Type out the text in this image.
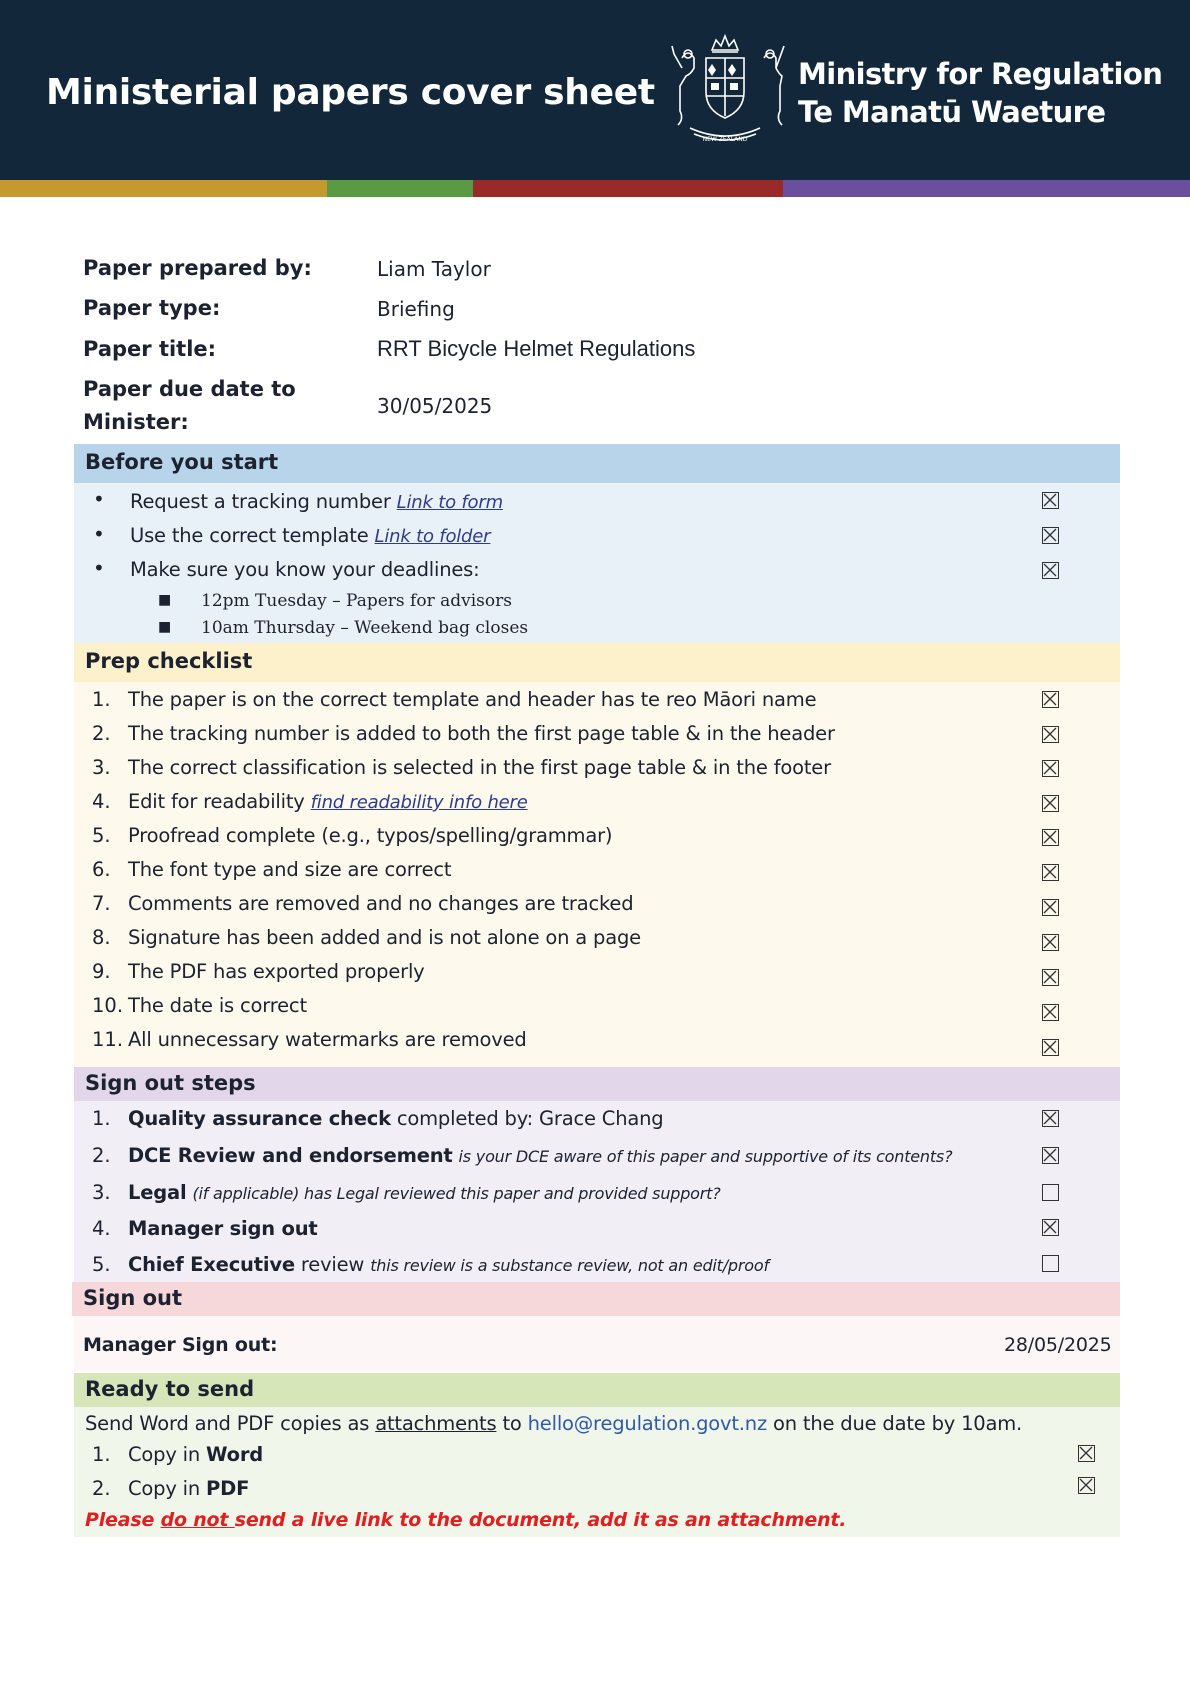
Ministerial papers cover sheet
NEW ZEALAND
Ministry for Regulation
Te Manatū Waeture
Paper prepared by:	Liam Taylor
Paper type:	Briefing
Paper title:	RRT Bicycle Helmet Regulations
Paper due date to
Minister:
30/05/2025
Before you start
• Request a tracking number Link to form
• Use the correct template Link to folder
• Make sure you know your deadlines:
■ 12pm Tuesday – Papers for advisors
■ 10am Thursday – Weekend bag closes
Prep checklist
1. The paper is on the correct template and header has te reo Māori name
2. The tracking number is added to both the first page table & in the header
3. The correct classification is selected in the first page table & in the footer
4. Edit for readability find readability info here
5. Proofread complete (e.g., typos/spelling/grammar)
6. The font type and size are correct
7. Comments are removed and no changes are tracked
8. Signature has been added and is not alone on a page
9. The PDF has exported properly
10. The date is correct
11. All unnecessary watermarks are removed
Sign out steps
1. Quality assurance check completed by: Grace Chang
2. DCE Review and endorsement is your DCE aware of this paper and supportive of its contents?
3. Legal (if applicable) has Legal reviewed this paper and provided support?
4. Manager sign out
5. Chief Executive review this review is a substance review, not an edit/proof
Sign out
Manager Sign out:	28/05/2025
Ready to send
Send Word and PDF copies as attachments to hello@regulation.govt.nz on the due date by 10am.
1. Copy in Word
2. Copy in PDF
Please do not send a live link to the document, add it as an attachment.
